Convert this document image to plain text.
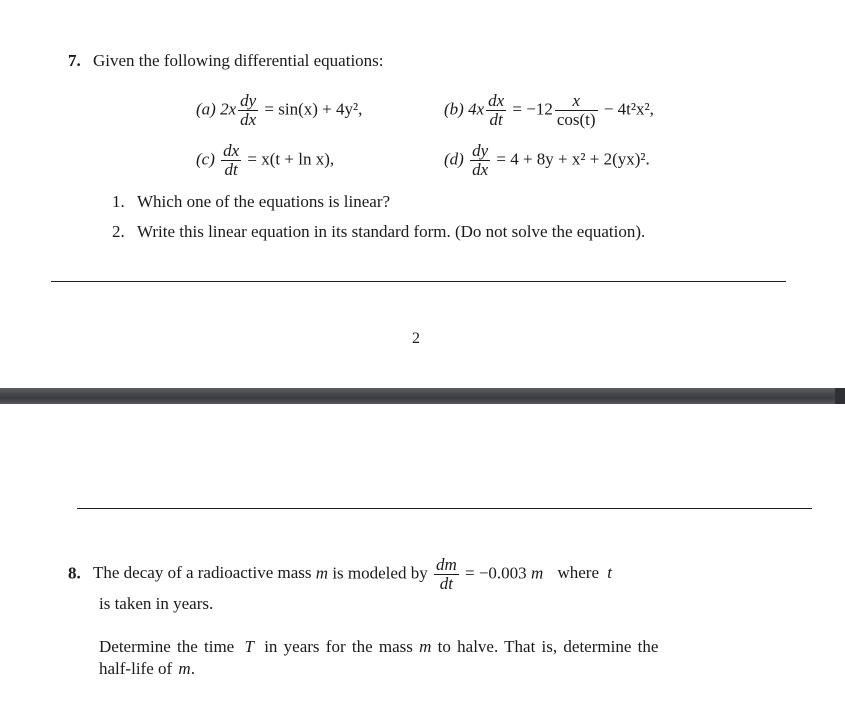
7. Given the following differential equations:
(a) $2x \frac{dy}{dx} = \sin(x) + 4y^2$,	(b) $4x \frac{dx}{dt} = -12 \frac{x}{\cos(t)} - 4t^2x^2$,
$(c) \frac{dx}{dt} = x(t + \ln x)$,	$(d) \frac{dy}{dx} = 4 + 8y + x^2 + 2(yx)^2$.
1. Which one of the equations is linear?
2. Write this linear equation in its standard form. (Do not solve the equation).
2
8. The decay of a radioactive mass m is modeled by $\frac{dm}{dt} = -0.003$ m where t
is taken in years.
Determine the time T in years for the mass m to halve. That is, determine the
half-life of m.
